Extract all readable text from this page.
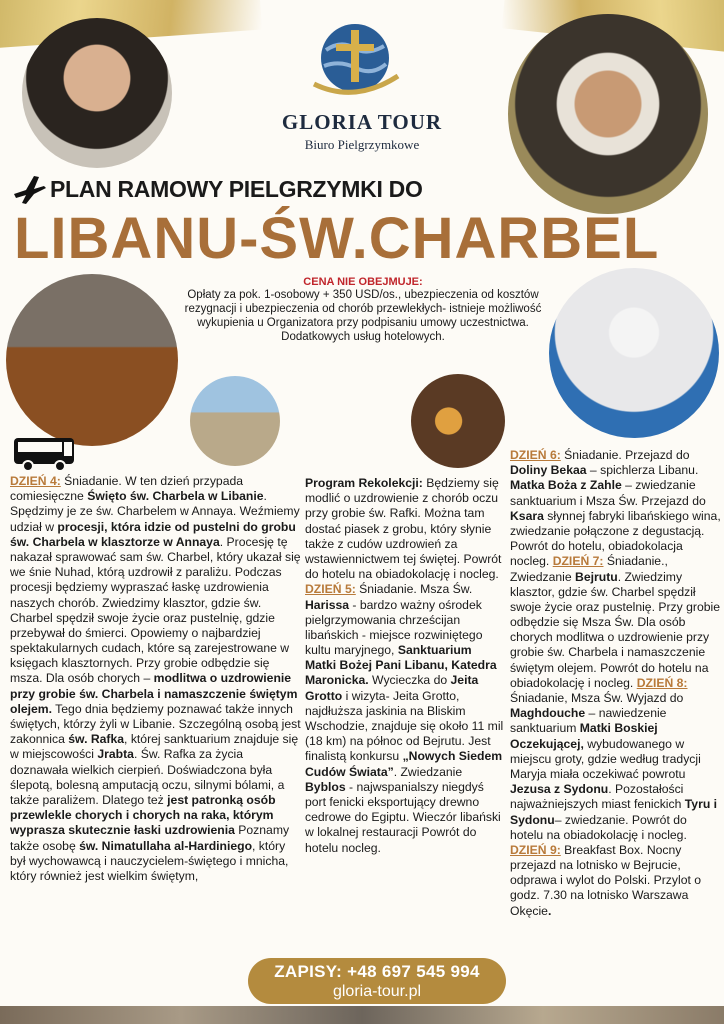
GLORIA TOUR
Biuro Pielgrzymkowe
PLAN RAMOWY PIELGRZYMKI DO
LIBANU-ŚW.CHARBEL
CENA NIE OBEJMUJE:
Opłaty za pok. 1-osobowy + 350 USD/os., ubezpieczenia od kosztów rezygnacji i ubezpieczenia od chorób przewlekłych- istnieje możliwość wykupienia u Organizatora przy podpisaniu umowy uczestnictwa. Dodatkowych usług hotelowych.

DZIEŃ 4: Śniadanie. W ten dzień przypada comiesięczne Święto św. Charbela w Libanie. Spędzimy je ze św. Charbelem w Annaya. Weźmiemy udział w procesji, która idzie od pustelni do grobu św. Charbela w klasztorze w Annaya. Procesję tę nakazał sprawować sam św. Charbel, który ukazał się we śnie Nuhad, którą uzdrowił z paraliżu. Podczas procesji będziemy wypraszać łaskę uzdrowienia naszych chorób. Zwiedzimy klasztor, gdzie św. Charbel spędził swoje życie oraz pustelnię, gdzie przebywał do śmierci. Opowiemy o najbardziej spektakularnych cudach, które są zarejestrowane w księgach klasztornych. Przy grobie odbędzie się msza. Dla osób chorych – modlitwa o uzdrowienie przy grobie św. Charbela i namaszczenie świętym olejem. Tego dnia będziemy poznawać także innych świętych, którzy żyli w Libanie. Szczególną osobą jest zakonnica św. Rafka, której sanktuarium znajduje się w miejscowości Jrabta. Św. Rafka za życia doznawała wielkich cierpień. Doświadczona była ślepotą, bolesną amputacją oczu, silnymi bólami, a także paraliżem. Dlatego też jest patronką osób przewlekle chorych i chorych na raka, którym wyprasza skutecznie łaski uzdrowienia Poznamy także osobę św. Nimatullaha al-Hardiniego, który był wychowawcą i nauczycielem-świętego i mnicha, który również jest wielkim świętym,

Program Rekolekcji: Będziemy się modlić o uzdrowienie z chorób oczu przy grobie św. Rafki. Można tam dostać piasek z grobu, który słynie także z cudów uzdrowień za wstawiennictwem tej świętej. Powrót do hotelu na obiadokolację i nocleg. DZIEŃ 5: Śniadanie. Msza Św. Harissa - bardzo ważny ośrodek pielgrzymowania chrześcijan libańskich - miejsce rozwiniętego kultu maryjnego, Sanktuarium Matki Bożej Pani Libanu, Katedra Maronicka. Wycieczka do Jeita Grotto i wizyta- Jeita Grotto, najdłuższa jaskinia na Bliskim Wschodzie, znajduje się około 11 mil (18 km) na północ od Bejrutu. Jest finalistą konkursu „Nowych Siedem Cudów Świata”. Zwiedzanie Byblos - najwspanialszy niegdyś port fenicki eksportujący drewno cedrowe do Egiptu. Wieczór libański w lokalnej restauracji Powrót do hotelu nocleg.

DZIEŃ 6: Śniadanie. Przejazd do Doliny Bekaa – spichlerza Libanu. Matka Boża z Zahle – zwiedzanie sanktuarium i Msza Św. Przejazd do Ksara słynnej fabryki libańskiego wina, zwiedzanie połączone z degustacją. Powrót do hotelu, obiadokolacja nocleg. DZIEŃ 7: Śniadanie., Zwiedzanie Bejrutu. Zwiedzimy klasztor, gdzie św. Charbel spędził swoje życie oraz pustelnię. Przy grobie odbędzie się Msza Św. Dla osób chorych modlitwa o uzdrowienie przy grobie św. Charbela i namaszczenie świętym olejem. Powrót do hotelu na obiadokolację i nocleg. DZIEŃ 8: Śniadanie, Msza Św. Wyjazd do Maghdouche – nawiedzenie sanktuarium Matki Boskiej Oczekującej, wybudowanego w miejscu groty, gdzie według tradycji Maryja miała oczekiwać powrotu Jezusa z Sydonu. Pozostałości najważniejszych miast fenickich Tyru i Sydonu– zwiedzanie. Powrót do hotelu na obiadokolację i nocleg. DZIEŃ 9: Breakfast Box. Nocny przejazd na lotnisko w Bejrucie, odprawa i wylot do Polski. Przylot o godz. 7.30 na lotnisko Warszawa Okęcie.

ZAPISY: +48 697 545 994
gloria-tour.pl
